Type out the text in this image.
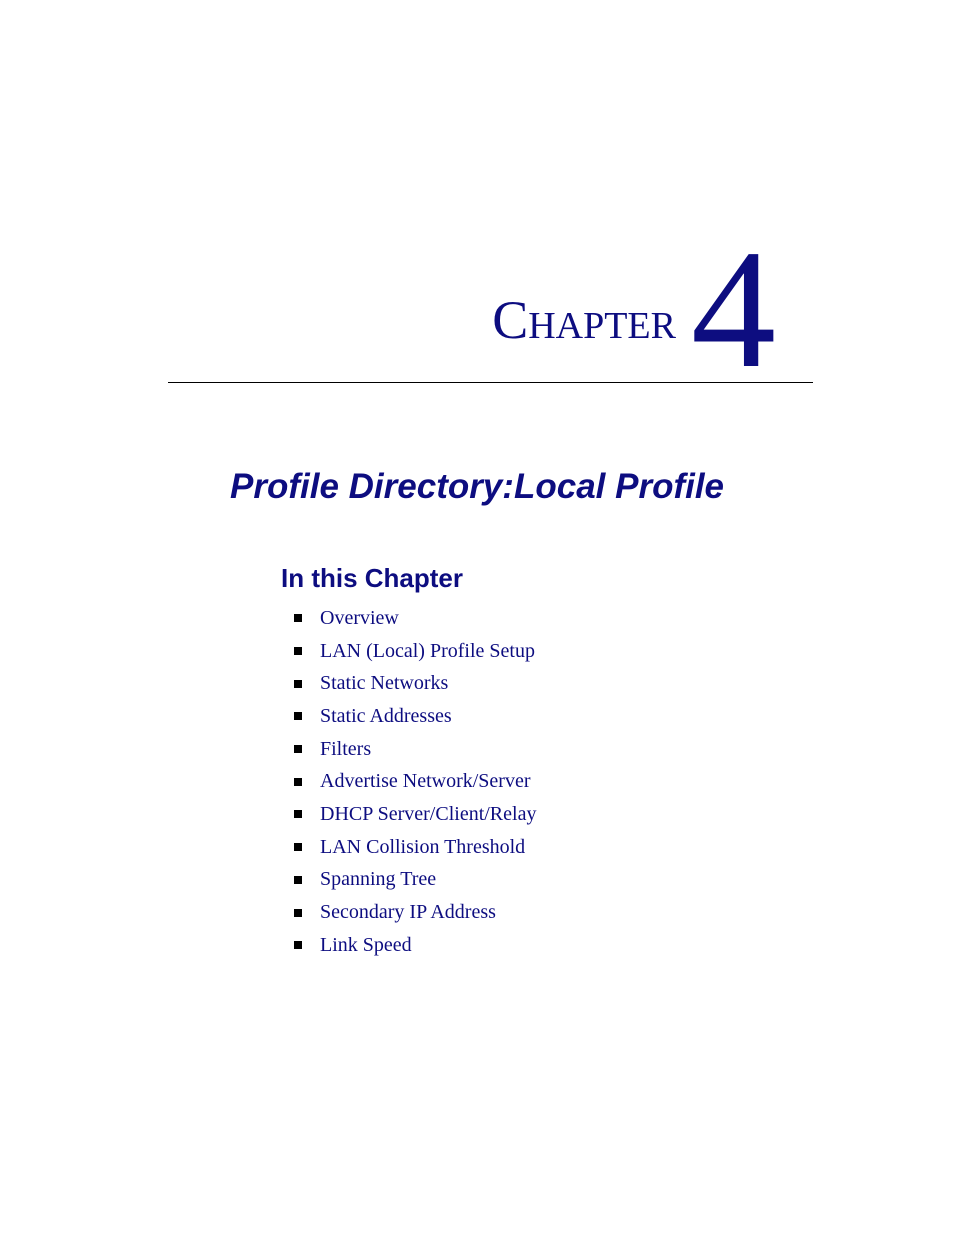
Chapter 4
Profile Directory:Local Profile
In this Chapter
Overview
LAN (Local) Profile Setup
Static Networks
Static Addresses
Filters
Advertise Network/Server
DHCP Server/Client/Relay
LAN Collision Threshold
Spanning Tree
Secondary IP Address
Link Speed
